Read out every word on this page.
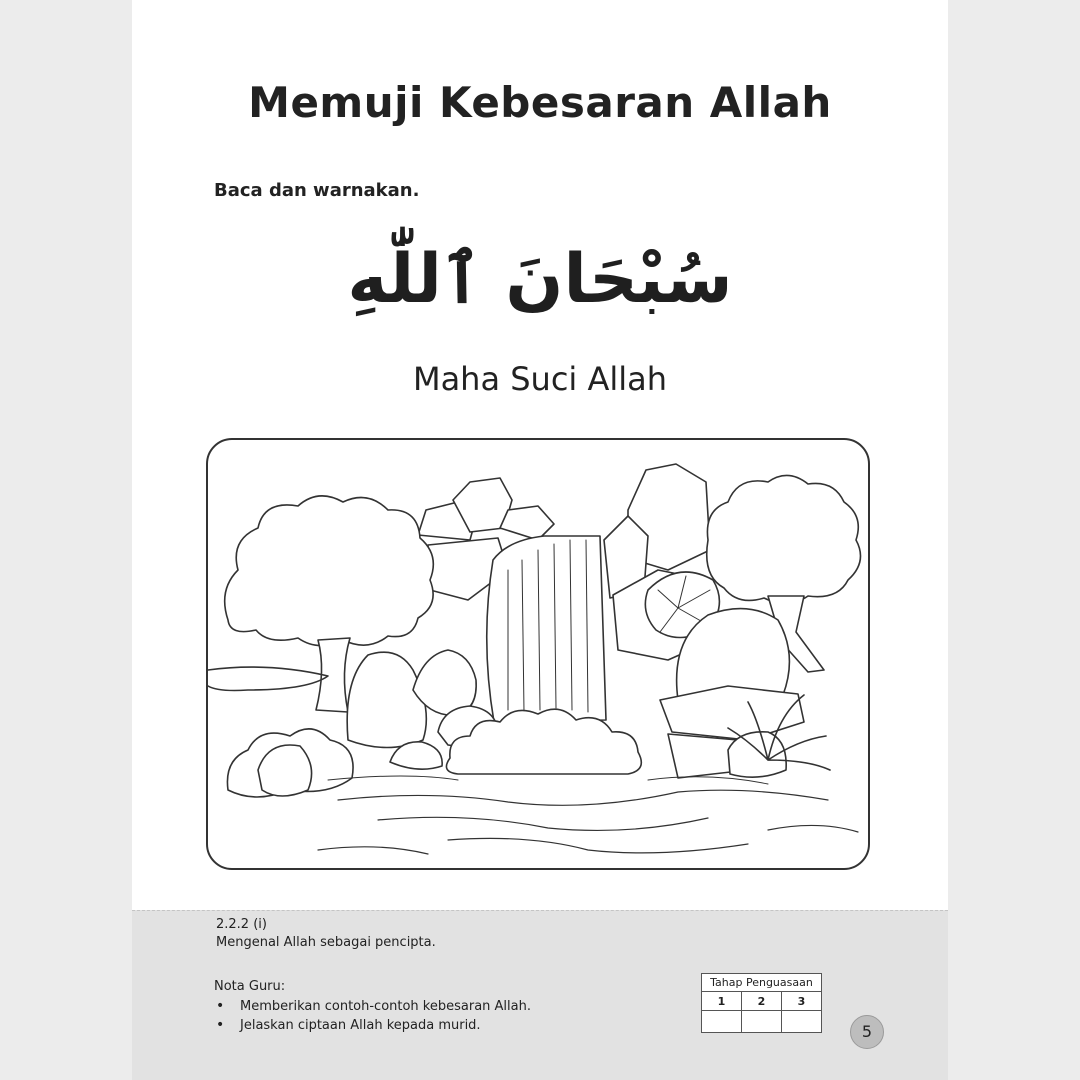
Memuji Kebesaran Allah
Baca dan warnakan.
سُبْحَانَ ٱللّٰهِ
Maha Suci Allah
2.2.2 (i)
Mengenal Allah sebagai pencipta.
Nota Guru:
• Memberikan contoh-contoh kebesaran Allah.
• Jelaskan ciptaan Allah kepada murid.
Tahap Penguasaan		
1	2	3

5
